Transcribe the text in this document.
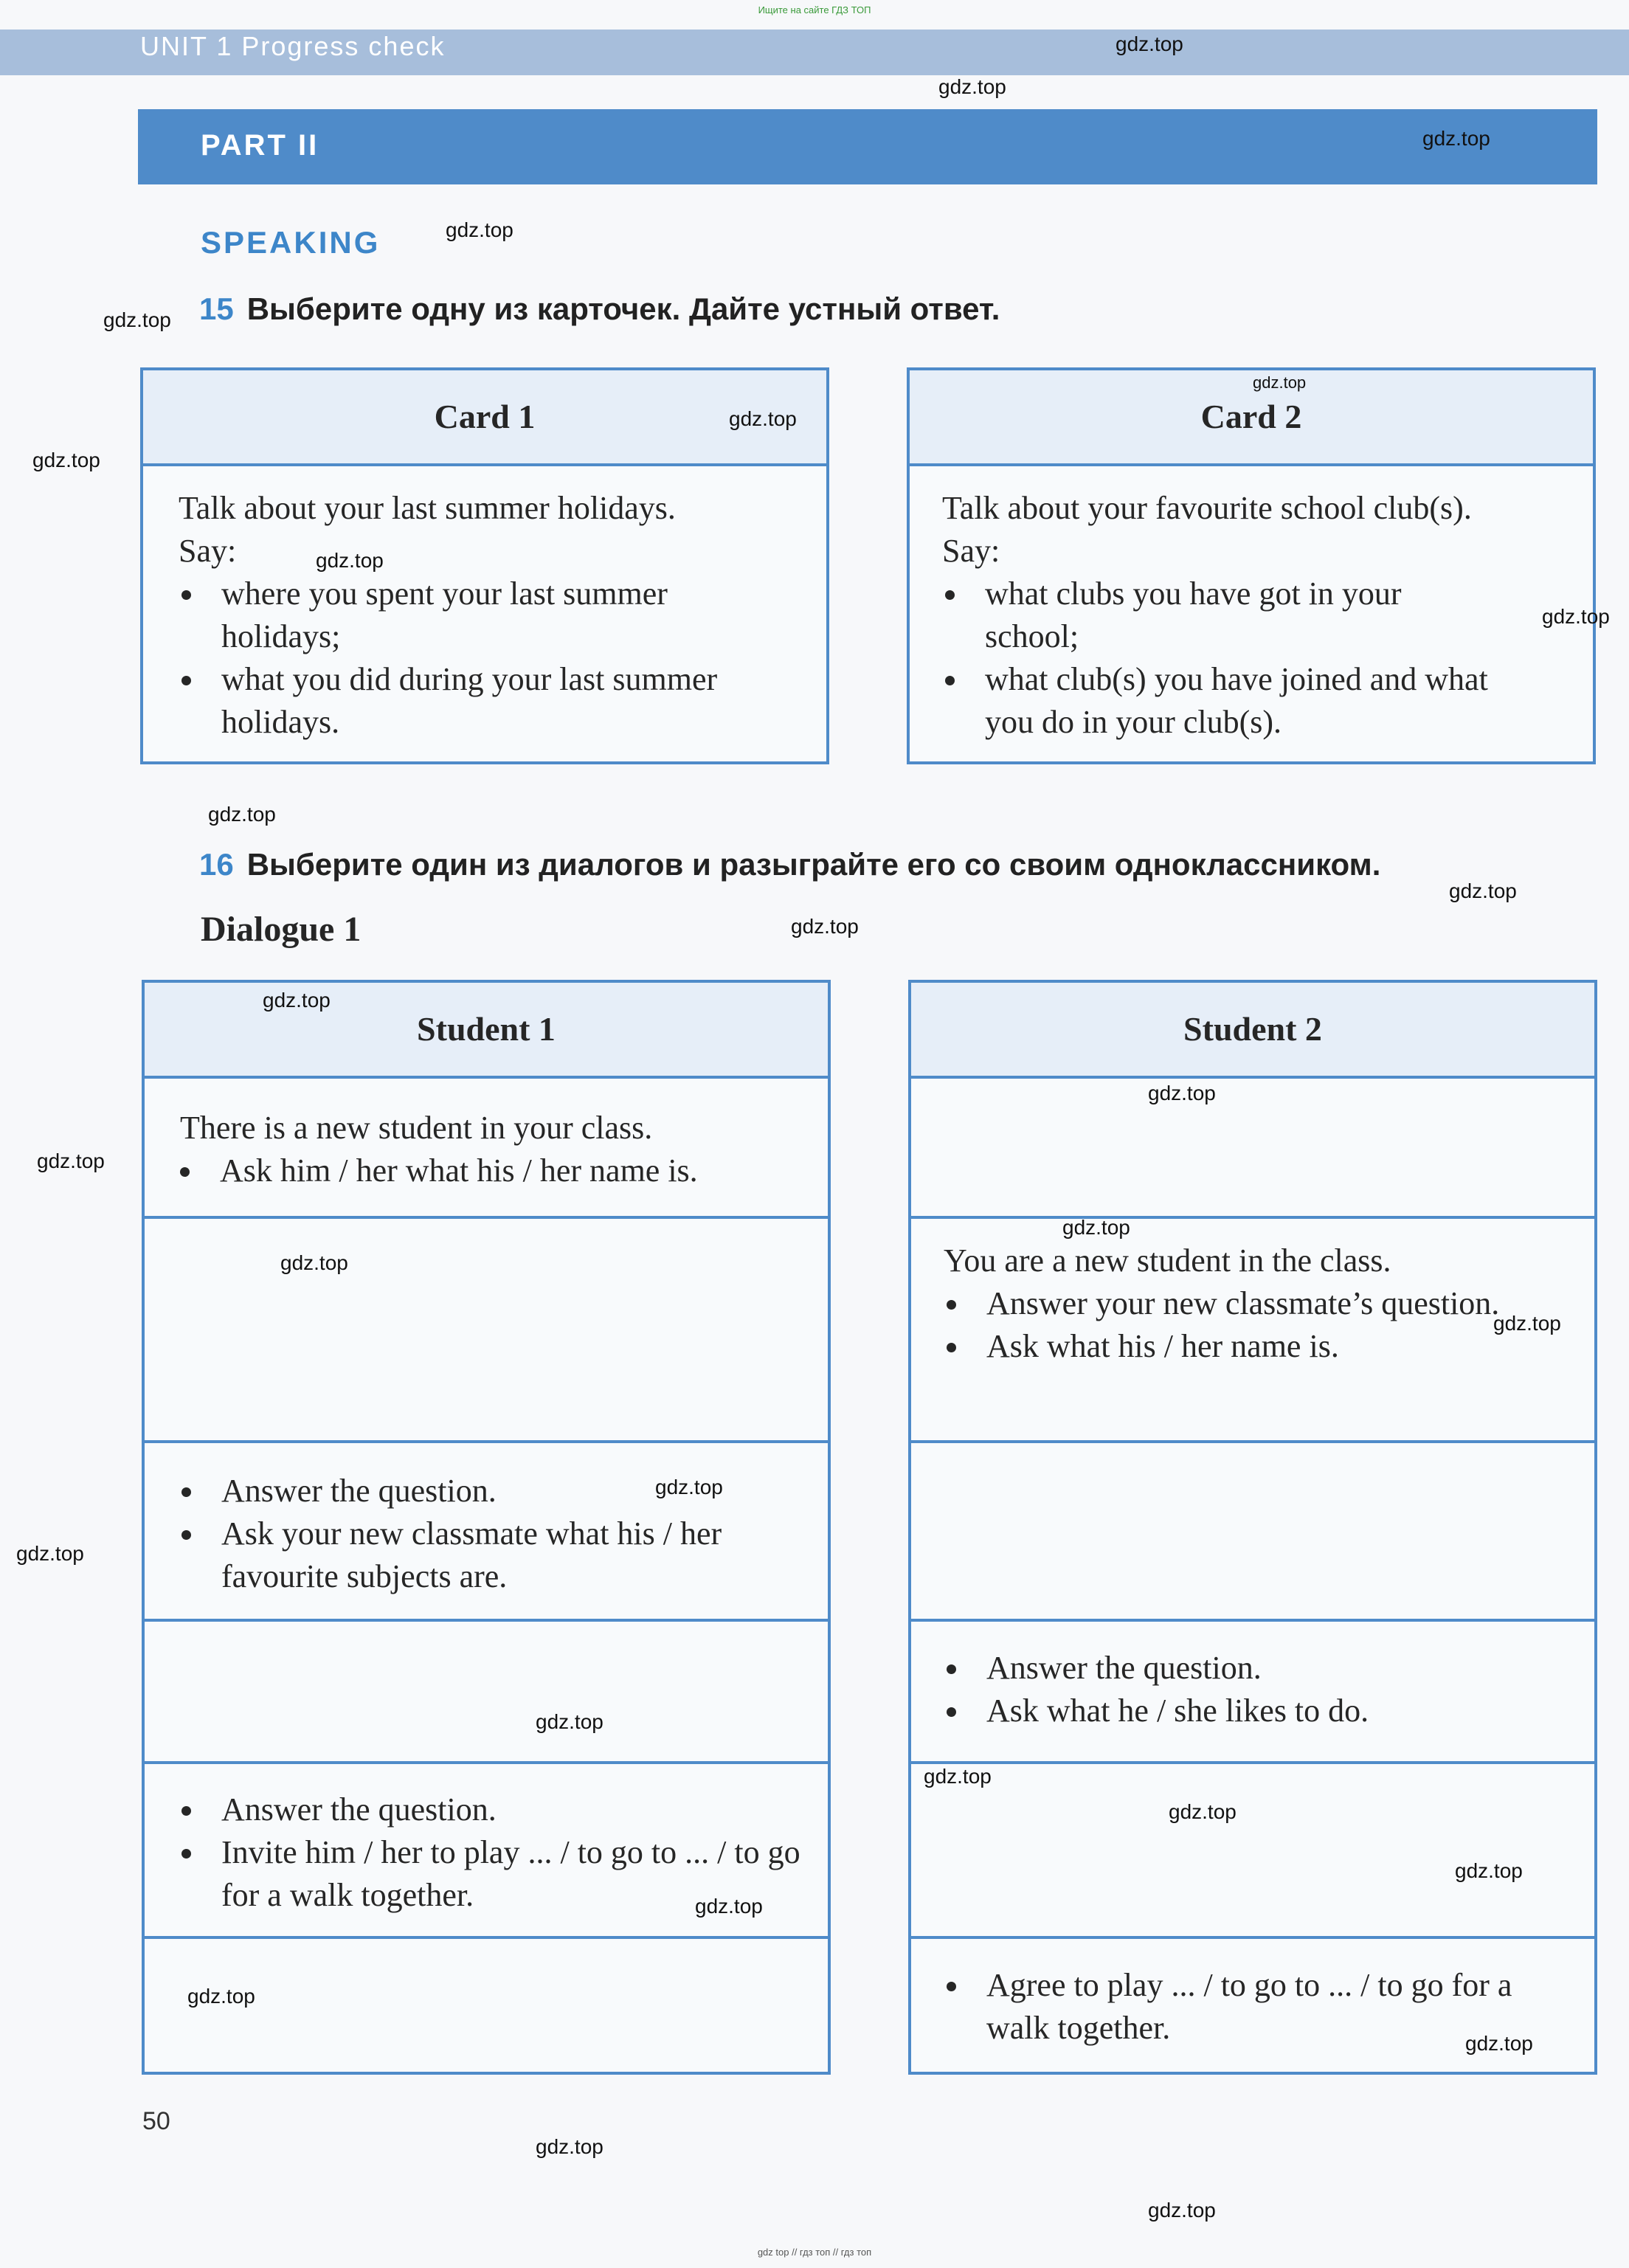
Ищите на сайте ГДЗ ТОП
UNIT 1 Progress check
PART II
SPEAKING
15 Выберите одну из карточек. Дайте устный ответ.
Card 1
Talk about your last summer holidays.
Say:
where you spent your last summer holidays;
what you did during your last summer holidays.
Card 2
Talk about your favourite school club(s).
Say:
what clubs you have got in your school;
what club(s) you have joined and what you do in your club(s).
16 Выберите один из диалогов и разыграйте его со своим одноклассником.
Dialogue 1
Student 1
There is a new student in your class.
Ask him / her what his / her name is.
Answer the question.
Ask your new classmate what his / her favourite subjects are.
Answer the question.
Invite him / her to play ... / to go to ... / to go for a walk together.
Student 2
You are a new student in the class.
Answer your new classmate’s question.
Ask what his / her name is.
Answer the question.
Ask what he / she likes to do.
Agree to play ... / to go to ... / to go for a walk together.
50
gdz.top
gdz.top
gdz.top
gdz.top
gdz.top
gdz.top
gdz.top
gdz.top
gdz.top
gdz.top
gdz.top
gdz.top
gdz.top
gdz.top
gdz.top
gdz.top
gdz.top
gdz.top
gdz.top
gdz.top
gdz.top
gdz.top
gdz.top
gdz.top
gdz.top
gdz.top
gdz.top
gdz.top
gdz.top
gdz.top
gdz top // гдз топ // гдз топ
